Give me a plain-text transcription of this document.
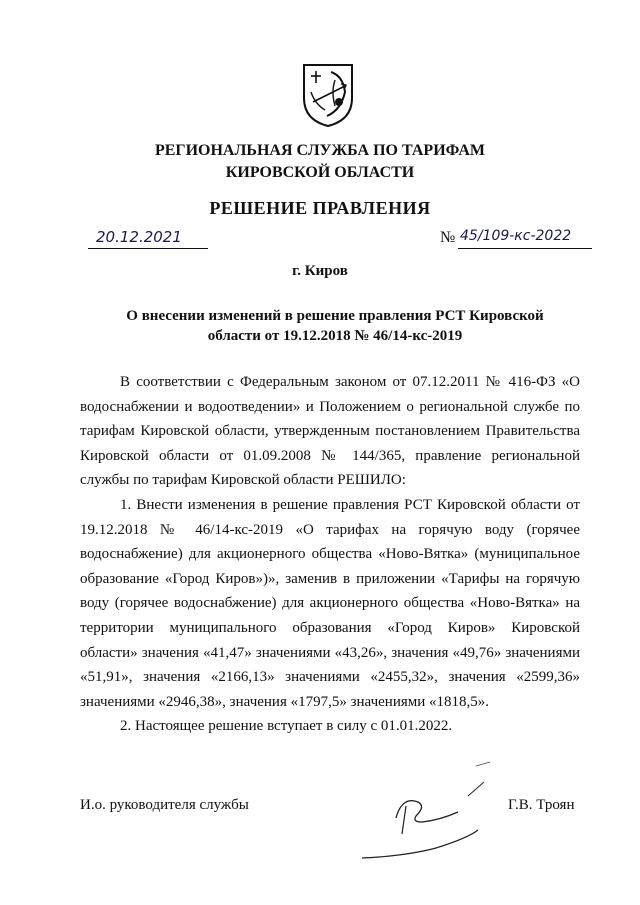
РЕГИОНАЛЬНАЯ СЛУЖБА ПО ТАРИФАМ
КИРОВСКОЙ ОБЛАСТИ
РЕШЕНИЕ ПРАВЛЕНИЯ
20.12.2021	№ 45/109-кс-2022
г. Киров
О внесении изменений в решение правления РСТ Кировской
области от 19.12.2018 № 46/14-кс-2019

В соответствии с Федеральным законом от 07.12.2011 № 416-ФЗ «О водоснабжении и водоотведении» и Положением о региональной службе по тарифам Кировской области, утвержденным постановлением Правительства Кировской области от 01.09.2008 № 144/365, правление региональной службы по тарифам Кировской области РЕШИЛО:

1. Внести изменения в решение правления РСТ Кировской области от 19.12.2018 № 46/14-кс-2019 «О тарифах на горячую воду (горячее водоснабжение) для акционерного общества «Ново-Вятка» (муниципальное образование «Город Киров»)», заменив в приложении «Тарифы на горячую воду (горячее водоснабжение) для акционерного общества «Ново-Вятка» на территории муниципального образования «Город Киров» Кировской области» значения «41,47» значениями «43,26», значения «49,76» значениями «51,91», значения «2166,13» значениями «2455,32», значения «2599,36» значениями «2946,38», значения «1797,5» значениями «1818,5».

2. Настоящее решение вступает в силу с 01.01.2022.

И.о. руководителя службы	Г.В. Троян
